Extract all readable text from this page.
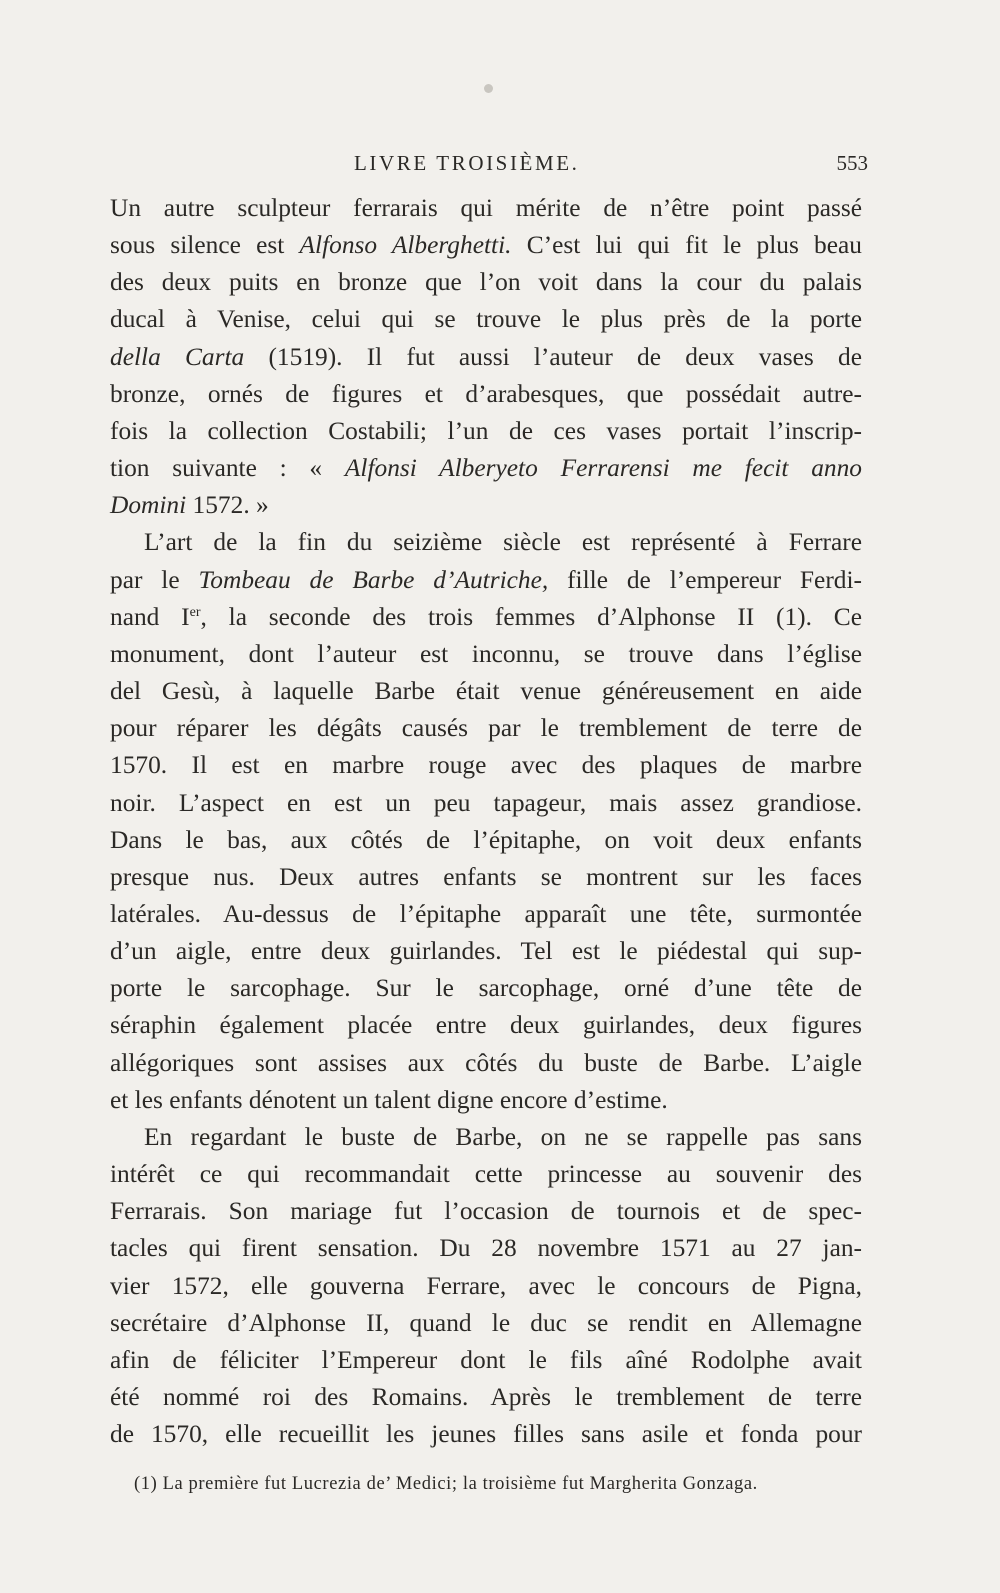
LIVRE TROISIÈME.	553
Un autre sculpteur ferrarais qui mérite de n’être point passé
sous silence est Alfonso Alberghetti. C’est lui qui fit le plus beau
des deux puits en bronze que l’on voit dans la cour du palais
ducal à Venise, celui qui se trouve le plus près de la porte
della Carta (1519). Il fut aussi l’auteur de deux vases de
bronze, ornés de figures et d’arabesques, que possédait autre-
fois la collection Costabili; l’un de ces vases portait l’inscrip-
tion suivante : « Alfonsi Alberyeto Ferrarensi me fecit anno
Domini 1572. »
L’art de la fin du seizième siècle est représenté à Ferrare
par le Tombeau de Barbe d’Autriche, fille de l’empereur Ferdi-
nand Ier, la seconde des trois femmes d’Alphonse II (1). Ce
monument, dont l’auteur est inconnu, se trouve dans l’église
del Gesù, à laquelle Barbe était venue généreusement en aide
pour réparer les dégâts causés par le tremblement de terre de
1570. Il est en marbre rouge avec des plaques de marbre
noir. L’aspect en est un peu tapageur, mais assez grandiose.
Dans le bas, aux côtés de l’épitaphe, on voit deux enfants
presque nus. Deux autres enfants se montrent sur les faces
latérales. Au-dessus de l’épitaphe apparaît une tête, surmontée
d’un aigle, entre deux guirlandes. Tel est le piédestal qui sup-
porte le sarcophage. Sur le sarcophage, orné d’une tête de
séraphin également placée entre deux guirlandes, deux figures
allégoriques sont assises aux côtés du buste de Barbe. L’aigle
et les enfants dénotent un talent digne encore d’estime.
En regardant le buste de Barbe, on ne se rappelle pas sans
intérêt ce qui recommandait cette princesse au souvenir des
Ferrarais. Son mariage fut l’occasion de tournois et de spec-
tacles qui firent sensation. Du 28 novembre 1571 au 27 jan-
vier 1572, elle gouverna Ferrare, avec le concours de Pigna,
secrétaire d’Alphonse II, quand le duc se rendit en Allemagne
afin de féliciter l’Empereur dont le fils aîné Rodolphe avait
été nommé roi des Romains. Après le tremblement de terre
de 1570, elle recueillit les jeunes filles sans asile et fonda pour
(1) La première fut Lucrezia de’ Medici; la troisième fut Margherita Gonzaga.
